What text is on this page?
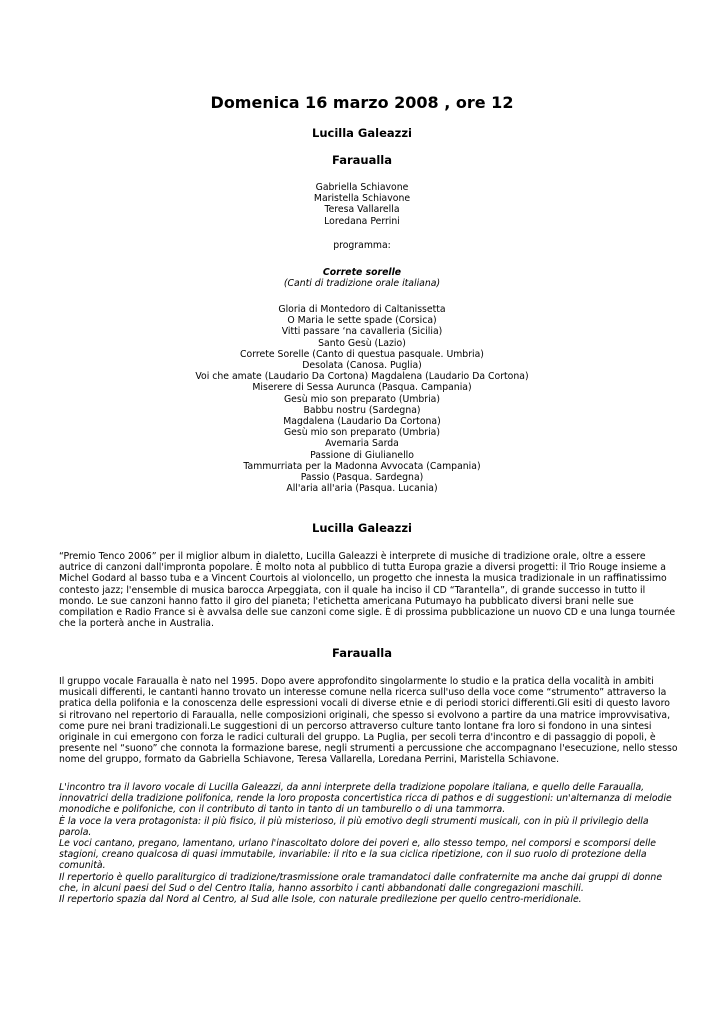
Domenica 16 marzo 2008 , ore 12
Lucilla Galeazzi
Faraualla
Gabriella Schiavone
Maristella Schiavone
Teresa Vallarella
Loredana Perrini
programma:
Correte sorelle
(Canti di tradizione orale italiana)
Gloria di Montedoro di Caltanissetta
O Maria le sette spade (Corsica)
Vitti passare ‘na cavalleria (Sicilia)
Santo Gesù (Lazio)
Correte Sorelle (Canto di questua pasquale. Umbria)
Desolata (Canosa. Puglia)
Voi che amate (Laudario Da Cortona) Magdalena (Laudario Da Cortona)
Miserere di Sessa Aurunca (Pasqua. Campania)
Gesù mio son preparato (Umbria)
Babbu nostru (Sardegna)
Magdalena (Laudario Da Cortona)
Gesù mio son preparato (Umbria)
Avemaria Sarda
Passione di Giulianello
Tammurriata per la Madonna Avvocata (Campania)
Passio (Pasqua. Sardegna)
All'aria all'aria (Pasqua. Lucania)
Lucilla Galeazzi
“Premio Tenco 2006” per il miglior album in dialetto, Lucilla Galeazzi è interprete di musiche di tradizione orale, oltre a essere
autrice di canzoni dall'impronta popolare. È molto nota al pubblico di tutta Europa grazie a diversi progetti: il Trio Rouge insieme a
Michel Godard al basso tuba e a Vincent Courtois al violoncello, un progetto che innesta la musica tradizionale in un raffinatissimo
contesto jazz; l'ensemble di musica barocca Arpeggiata, con il quale ha inciso il CD “Tarantella”, di grande successo in tutto il
mondo. Le sue canzoni hanno fatto il giro del pianeta; l'etichetta americana Putumayo ha pubblicato diversi brani nelle sue
compilation e Radio France si è avvalsa delle sue canzoni come sigle. È di prossima pubblicazione un nuovo CD e una lunga tournée
che la porterà anche in Australia.
Faraualla
Il gruppo vocale Faraualla è nato nel 1995. Dopo avere approfondito singolarmente lo studio e la pratica della vocalità in ambiti
musicali differenti, le cantanti hanno trovato un interesse comune nella ricerca sull'uso della voce come “strumento” attraverso la
pratica della polifonia e la conoscenza delle espressioni vocali di diverse etnie e di periodi storici differenti.Gli esiti di questo lavoro
si ritrovano nel repertorio di Faraualla, nelle composizioni originali, che spesso si evolvono a partire da una matrice improvvisativa,
come pure nei brani tradizionali.Le suggestioni di un percorso attraverso culture tanto lontane fra loro si fondono in una sintesi
originale in cui emergono con forza le radici culturali del gruppo. La Puglia, per secoli terra d'incontro e di passaggio di popoli, è
presente nel “suono” che connota la formazione barese, negli strumenti a percussione che accompagnano l'esecuzione, nello stesso
nome del gruppo, formato da Gabriella Schiavone, Teresa Vallarella, Loredana Perrini, Maristella Schiavone.
L'incontro tra il lavoro vocale di Lucilla Galeazzi, da anni interprete della tradizione popolare italiana, e quello delle Faraualla,
innovatrici della tradizione polifonica, rende la loro proposta concertistica ricca di pathos e di suggestioni: un'alternanza di melodie
monodiche e polifoniche, con il contributo di tanto in tanto di un tamburello o di una tammorra.
È la voce la vera protagonista: il più fisico, il più misterioso, il più emotivo degli strumenti musicali, con in più il privilegio della
parola.
Le voci cantano, pregano, lamentano, urlano l'inascoltato dolore dei poveri e, allo stesso tempo, nel comporsi e scomporsi delle
stagioni, creano qualcosa di quasi immutabile, invariabile: il rito e la sua ciclica ripetizione, con il suo ruolo di protezione della
comunità.
Il repertorio è quello paraliturgico di tradizione/trasmissione orale tramandatoci dalle confraternite ma anche dai gruppi di donne
che, in alcuni paesi del Sud o del Centro Italia, hanno assorbito i canti abbandonati dalle congregazioni maschili.
Il repertorio spazia dal Nord al Centro, al Sud alle Isole, con naturale predilezione per quello centro-meridionale.
